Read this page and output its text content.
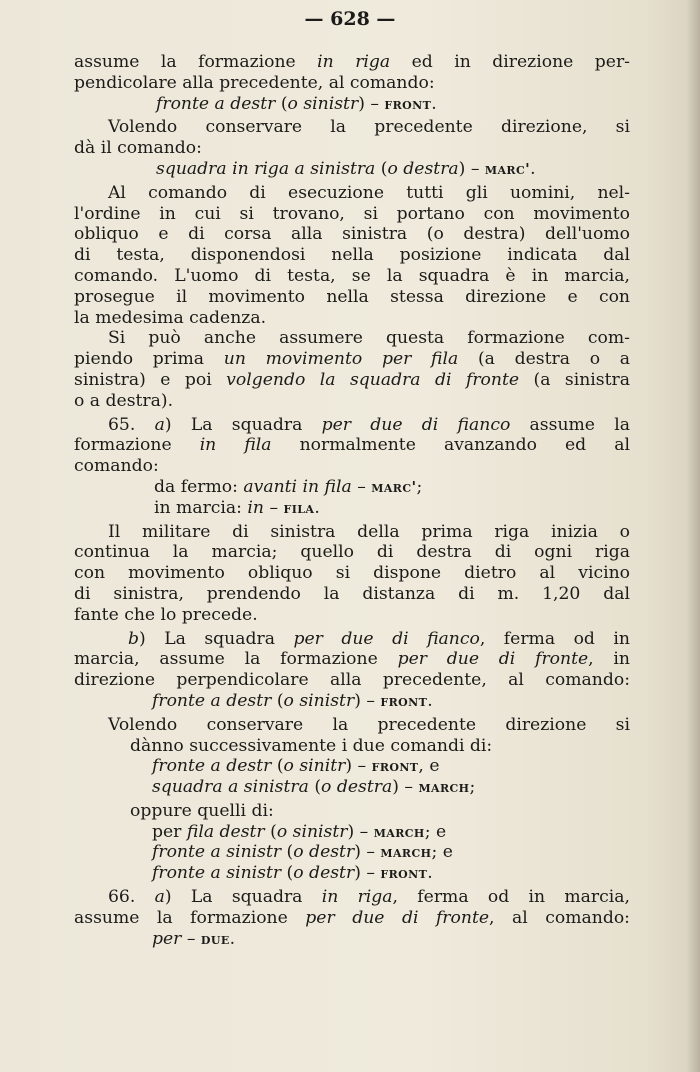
— 628 —
assume la formazione in riga ed in direzione per-
pendicolare alla precedente, al comando:
fronte a destr (o sinistr) – front.
Volendo conservare la precedente direzione, si
dà il comando:
squadra in riga a sinistra (o destra) – marc'.
Al comando di esecuzione tutti gli uomini, nel-
l'ordine in cui si trovano, si portano con movimento
obliquo e di corsa alla sinistra (o destra) dell'uomo
di testa, disponendosi nella posizione indicata dal
comando. L'uomo di testa, se la squadra è in marcia,
prosegue il movimento nella stessa direzione e con
la medesima cadenza.
Si può anche assumere questa formazione com-
piendo prima un movimento per fila (a destra o a
sinistra) e poi volgendo la squadra di fronte (a sinistra
o a destra).
65. a) La squadra per due di fianco assume la
formazione in fila normalmente avanzando ed al
comando:
da fermo: avanti in fila – marc';
in marcia: in – fila.
Il militare di sinistra della prima riga inizia o
continua la marcia; quello di destra di ogni riga
con movimento obliquo si dispone dietro al vicino
di sinistra, prendendo la distanza di m. 1,20 dal
fante che lo precede.
b) La squadra per due di fianco, ferma od in
marcia, assume la formazione per due di fronte, in
direzione perpendicolare alla precedente, al comando:
fronte a destr (o sinistr) – front.
Volendo conservare la precedente direzione si
dànno successivamente i due comandi di:
fronte a destr (o sinitr) – front, e
squadra a sinistra (o destra) – march;
oppure quelli di:
per fila destr (o sinistr) – march; e
fronte a sinistr (o destr) – march; e
fronte a sinistr (o destr) – front.
66. a) La squadra in riga, ferma od in marcia,
assume la formazione per due di fronte, al comando:
per – due.
